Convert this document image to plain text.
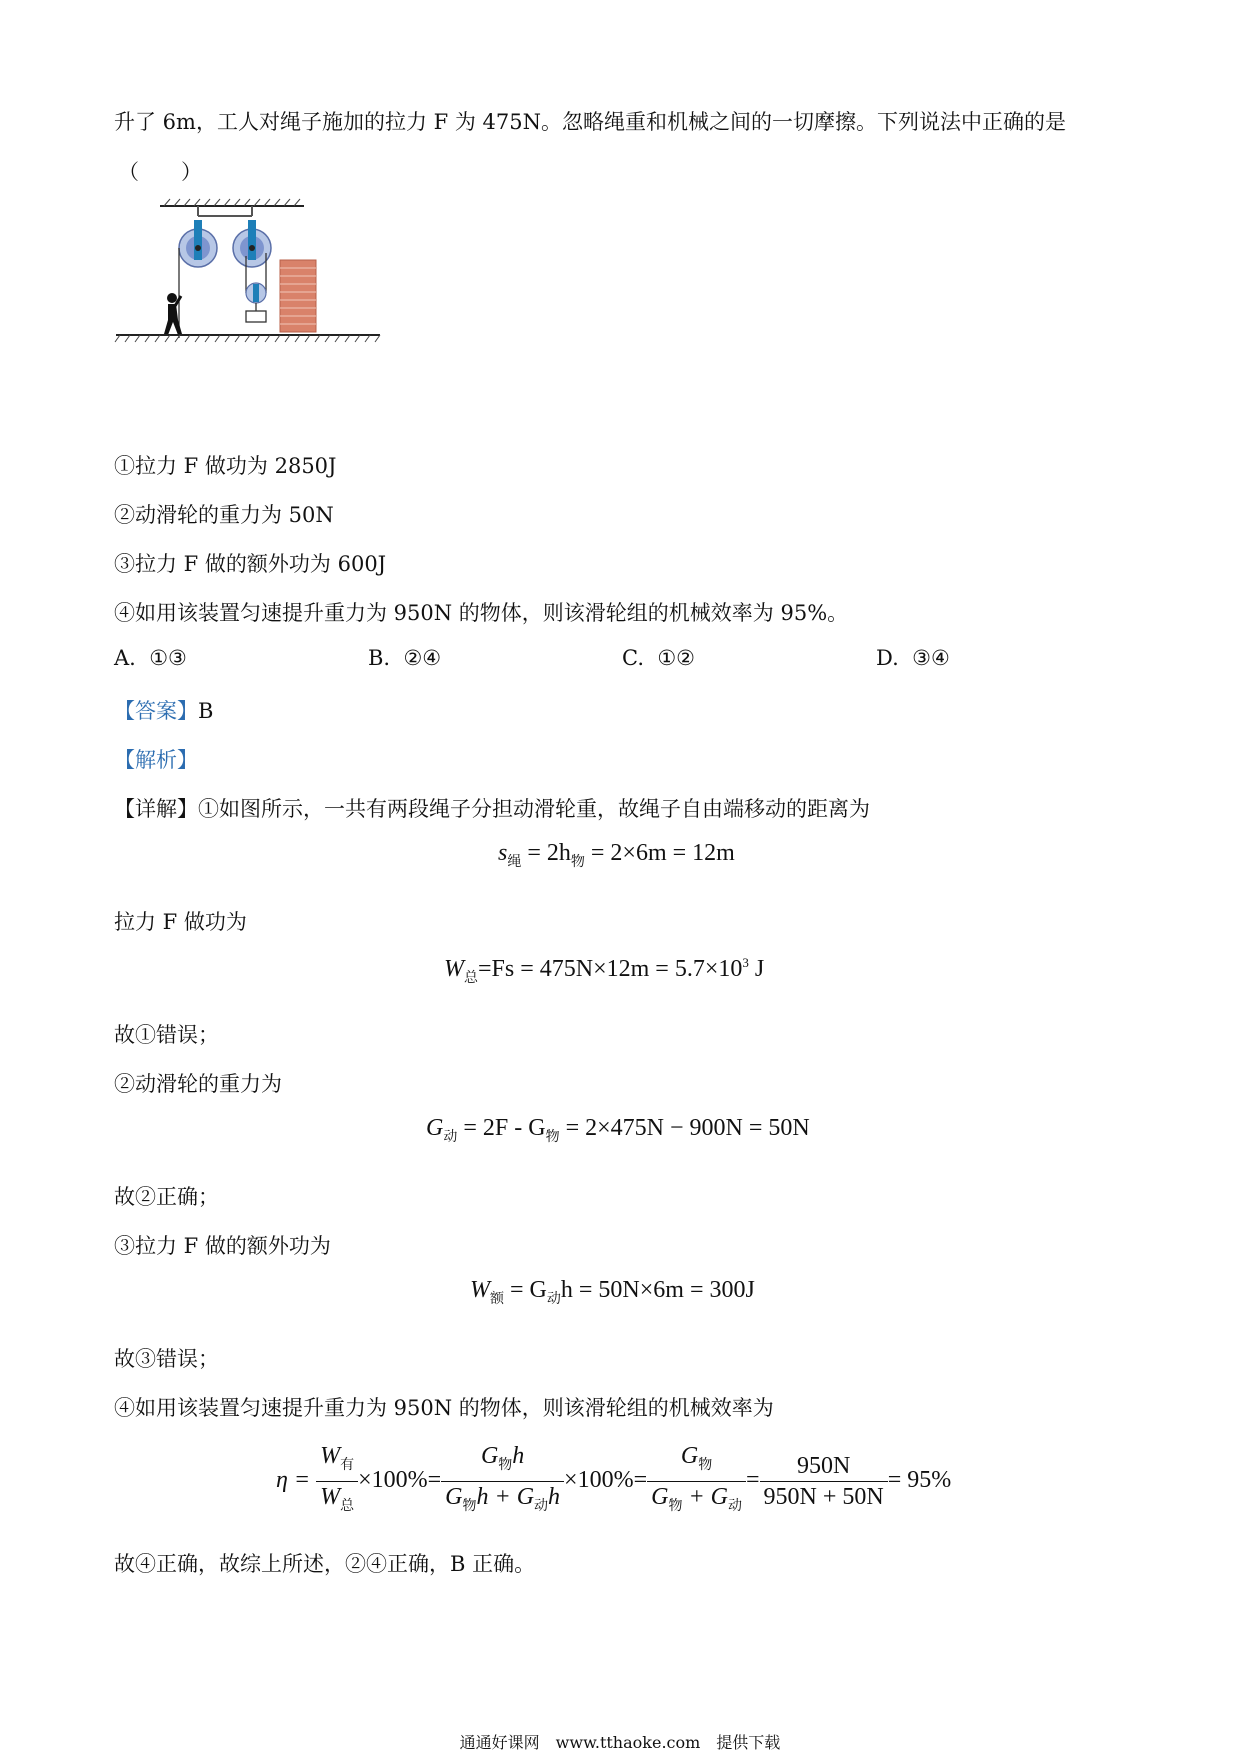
升了 6m，工人对绳子施加的拉力 F 为 475N。忽略绳重和机械之间的一切摩擦。下列说法中正确的是
（　　）
①拉力 F 做功为 2850J
②动滑轮的重力为 50N
③拉力 F 做的额外功为 600J
④如用该装置匀速提升重力为 950N 的物体，则该滑轮组的机械效率为 95%。
A. ①③	B. ②④	C. ①②	D. ③④
【答案】B
【解析】
【详解】①如图所示，一共有两段绳子分担动滑轮重，故绳子自由端移动的距离为
$s_绳 = 2h_物 = 2\times 6m = 12m$
拉力 F 做功为
$W_总=Fs = 475N\times 12m = 5.7\times 10^3$ J
故①错误；
②动滑轮的重力为
$G_动 = 2F - G_物 = 2\times 475N - 900N = 50N$
故②正确；
③拉力 F 做的额外功为
$W_额 = G_动h = 50N\times 6m = 300J$
故③错误；
④如用该装置匀速提升重力为 950N 的物体，则该滑轮组的机械效率为
$\eta = \frac{W_有}{W_总} \times 100\%= \frac{G_物h}{G_物h + G_动h} \times 100\%= \frac{G_物}{G_物 + G_动} = \frac{950N}{950N + 50N} = 95\%$
故④正确，故综上所述，②④正确，B 正确。
通通好课网　www.tthaoke.com　提供下载
